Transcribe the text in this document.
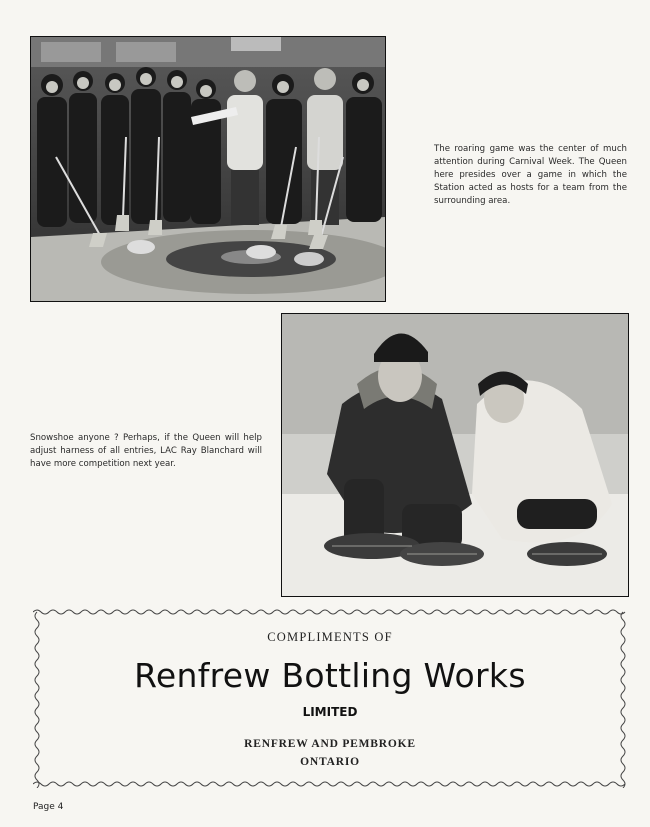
The roaring game was the center of much attention during Carnival Week. The Queen here presides over a game in which the Station acted as hosts for a team from the surrounding area.
Snowshoe anyone ? Perhaps, if the Queen will help adjust harness of all entries, LAC Ray Blanchard will have more competition next year.
COMPLIMENTS OF
Renfrew Bottling Works
LIMITED
RENFREW AND PEMBROKE
ONTARIO
Page 4
